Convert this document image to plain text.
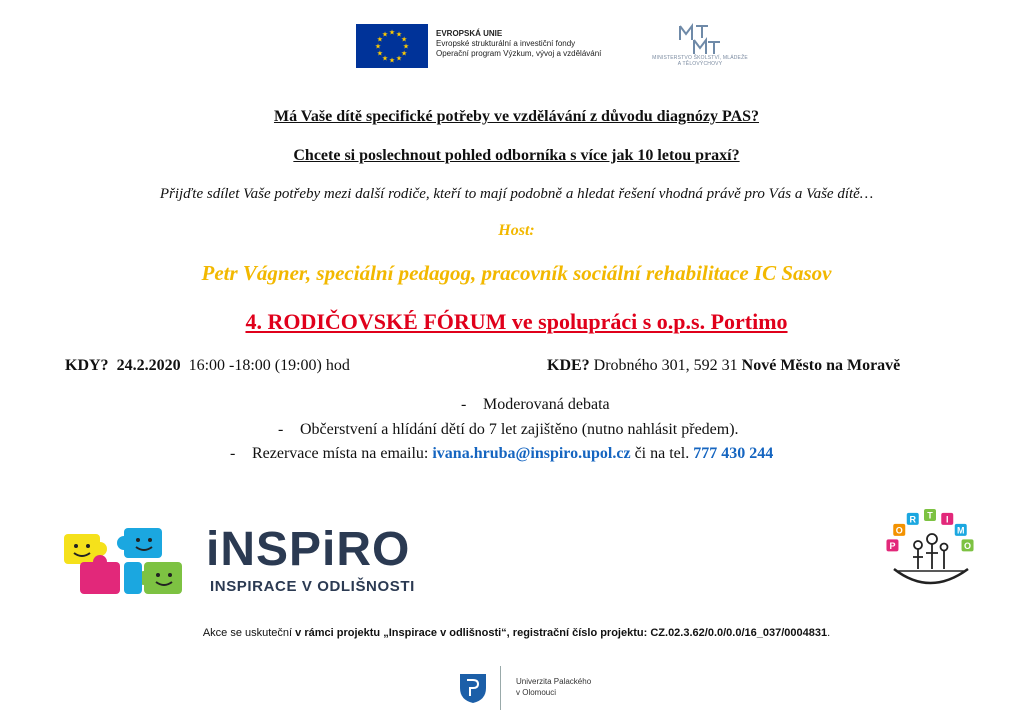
★ ★
★
★
★
★
★
★
★
★
★
★	EVROPSKÁ UNIE
Evropské strukturální a investiční fondy
Operační program Výzkum, vývoj a vzdělávání	MINISTERSTVO ŠKOLSTVÍ, MLÁDEŽE A TĚLOVÝCHOVY
Má Vaše dítě specifické potřeby ve vzdělávání z důvodu diagnózy PAS?
Chcete si poslechnout pohled odborníka s více jak 10 letou praxí?
Přijďte sdílet Vaše potřeby mezi další rodiče, kteří to mají podobně a hledat řešení vhodná právě pro Vás a Vaše dítě…
Host:
Petr Vágner, speciální pedagog, pracovník sociální rehabilitace IC Sasov
4. RODIČOVSKÉ FÓRUM ve spolupráci s o.p.s. Portimo
KDY? 24.2.2020 16:00 -18:00 (19:00) hod	KDE? Drobného 301, 592 31 Nové Město na Moravě
- Moderovaná debata
- Občerstvení a hlídání dětí do 7 let zajištěno (nutno nahlásit předem).
- Rezervace místa na emailu: ivana.hruba@inspiro.upol.cz či na tel. 777 430 244
iNSPiRO
INSPIRACE V ODLIŠNOSTI
P
O
R T I
M
O
Akce se uskuteční v rámci projektu „Inspirace v odlišnosti“, registrační číslo projektu: CZ.02.3.62/0.0/0.0/16_037/0004831.
Univerzita Palackého
v Olomouci
